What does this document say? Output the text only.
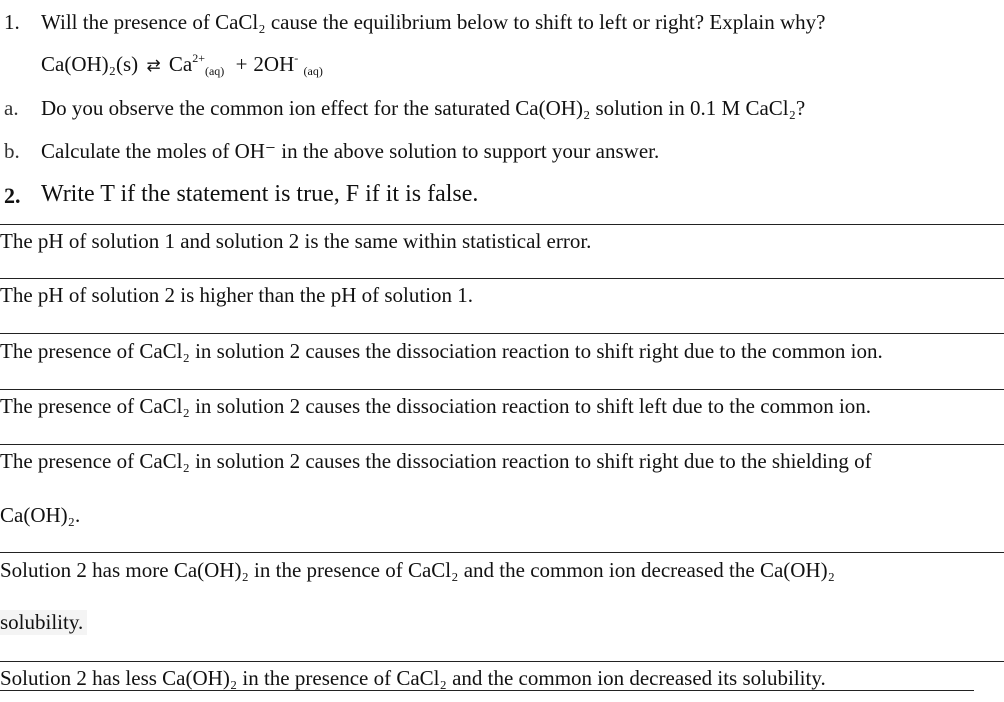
1. Will the presence of CaCl₂ cause the equilibrium below to shift to left or right? Explain why?
Ca(OH)₂(s) ⇄ $Ca^{2+}(aq) + 2OH^-$ (aq)
a. Do you observe the common ion effect for the saturated Ca(OH)₂ solution in 0.1 M CaCl₂?
b. Calculate the moles of OH⁻ in the above solution to support your answer.
2. Write T if the statement is true, F if it is false.
The pH of solution 1 and solution 2 is the same within statistical error.
The pH of solution 2 is higher than the pH of solution 1.
The presence of CaCl₂ in solution 2 causes the dissociation reaction to shift right due to the common ion.
The presence of CaCl₂ in solution 2 causes the dissociation reaction to shift left due to the common ion.
The presence of CaCl₂ in solution 2 causes the dissociation reaction to shift right due to the shielding of
Ca(OH)₂.
Solution 2 has more Ca(OH)₂ in the presence of CaCl₂ and the common ion decreased the Ca(OH)₂
solubility.
Solution 2 has less Ca(OH)₂ in the presence of CaCl₂ and the common ion decreased its solubility.
